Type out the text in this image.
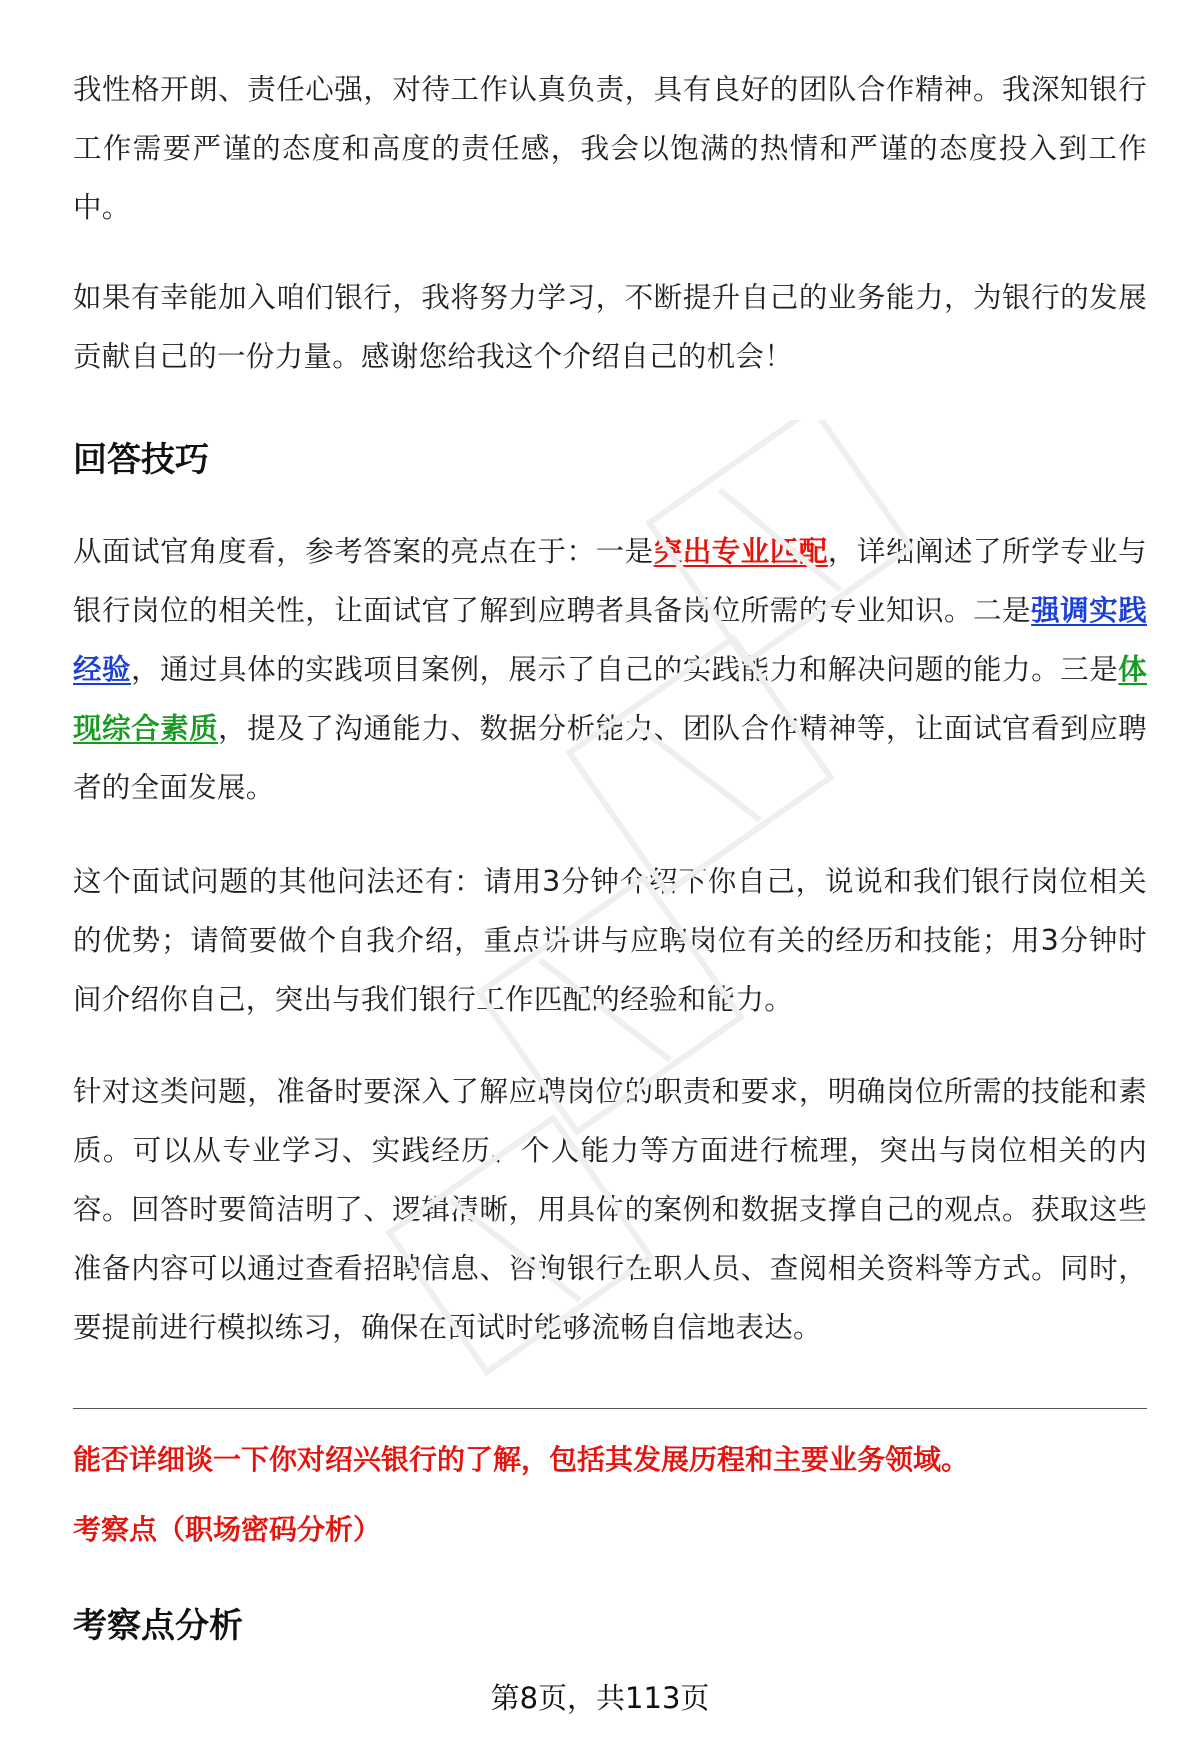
我性格开朗、责任心强，对待工作认真负责，具有良好的团队合作精神。我深知银行工作需要严谨的态度和高度的责任感，我会以饱满的热情和严谨的态度投入到工作中。

如果有幸能加入咱们银行，我将努力学习，不断提升自己的业务能力，为银行的发展贡献自己的一份力量。感谢您给我这个介绍自己的机会！

回答技巧

从面试官角度看，参考答案的亮点在于：一是突出专业匹配，详细阐述了所学专业与银行岗位的相关性，让面试官了解到应聘者具备岗位所需的专业知识。二是强调实践经验，通过具体的实践项目案例，展示了自己的实践能力和解决问题的能力。三是体现综合素质，提及了沟通能力、数据分析能力、团队合作精神等，让面试官看到应聘者的全面发展。

这个面试问题的其他问法还有：请用3分钟介绍下你自己，说说和我们银行岗位相关的优势；请简要做个自我介绍，重点讲讲与应聘岗位有关的经历和技能；用3分钟时间介绍你自己，突出与我们银行工作匹配的经验和能力。

针对这类问题，准备时要深入了解应聘岗位的职责和要求，明确岗位所需的技能和素质。可以从专业学习、实践经历、个人能力等方面进行梳理，突出与岗位相关的内容。回答时要简洁明了、逻辑清晰，用具体的案例和数据支撑自己的观点。获取这些准备内容可以通过查看招聘信息、咨询银行在职人员、查阅相关资料等方式。同时，要提前进行模拟练习，确保在面试时能够流畅自信地表达。

能否详细谈一下你对绍兴银行的了解，包括其发展历程和主要业务领域。

考察点（职场密码分析）

考察点分析
第8页，共113页
